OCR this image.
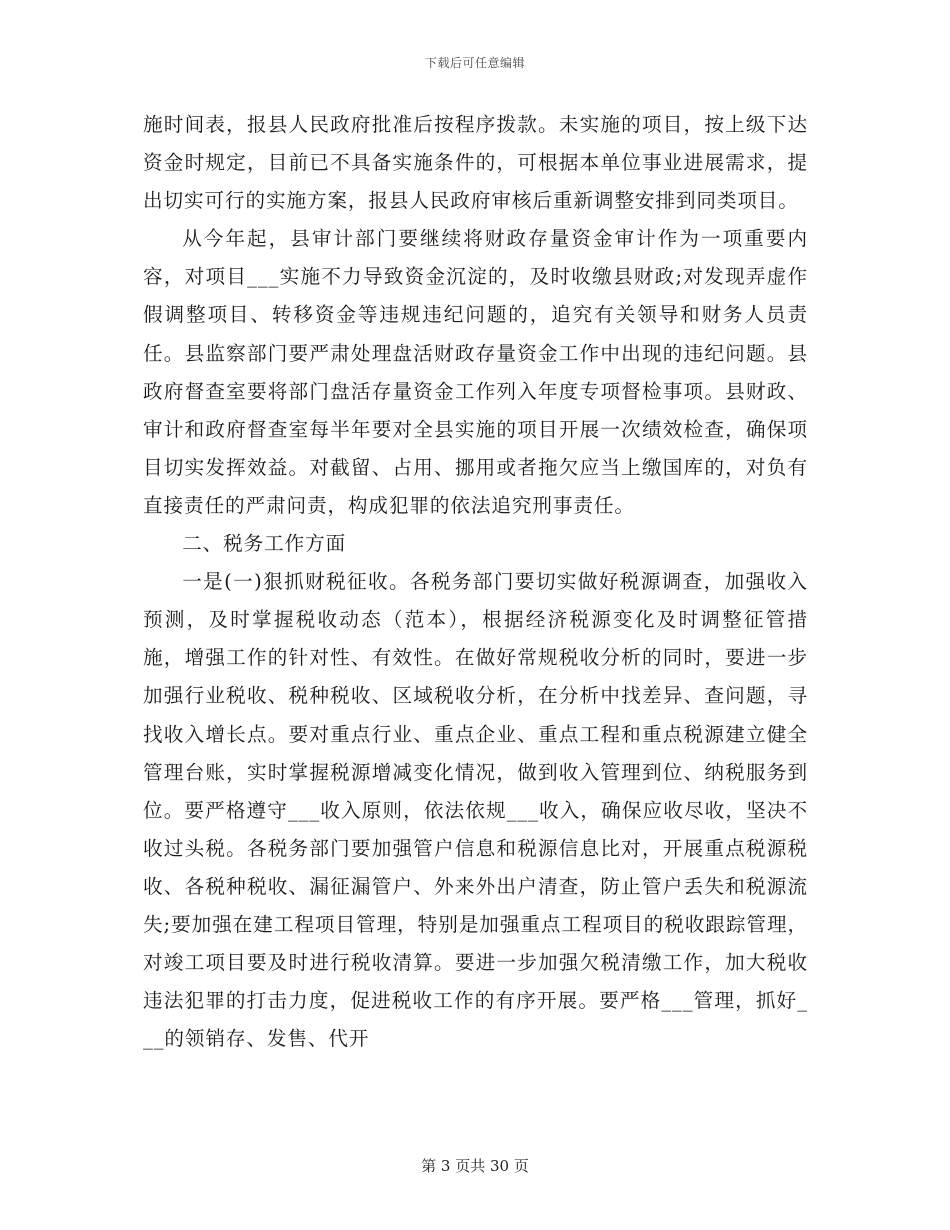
下载后可任意编辑

施时间表，报县人民政府批准后按程序拨款。未实施的项目，按上级下达资金时规定，目前已不具备实施条件的，可根据本单位事业进展需求，提出切实可行的实施方案，报县人民政府审核后重新调整安排到同类项目。

从今年起，县审计部门要继续将财政存量资金审计作为一项重要内容，对项目___实施不力导致资金沉淀的，及时收缴县财政;对发现弄虚作假调整项目、转移资金等违规违纪问题的，追究有关领导和财务人员责任。县监察部门要严肃处理盘活财政存量资金工作中出现的违纪问题。县政府督查室要将部门盘活存量资金工作列入年度专项督检事项。县财政、审计和政府督查室每半年要对全县实施的项目开展一次绩效检查，确保项目切实发挥效益。对截留、占用、挪用或者拖欠应当上缴国库的，对负有直接责任的严肃问责，构成犯罪的依法追究刑事责任。

二、税务工作方面

一是(一)狠抓财税征收。各税务部门要切实做好税源调查，加强收入预测，及时掌握税收动态（范本），根据经济税源变化及时调整征管措施，增强工作的针对性、有效性。在做好常规税收分析的同时，要进一步加强行业税收、税种税收、区域税收分析，在分析中找差异、查问题，寻找收入增长点。要对重点行业、重点企业、重点工程和重点税源建立健全管理台账，实时掌握税源增减变化情况，做到收入管理到位、纳税服务到位。要严格遵守___收入原则，依法依规___收入，确保应收尽收，坚决不收过头税。各税务部门要加强管户信息和税源信息比对，开展重点税源税收、各税种税收、漏征漏管户、外来外出户清查，防止管户丢失和税源流失;要加强在建工程项目管理，特别是加强重点工程项目的税收跟踪管理，对竣工项目要及时进行税收清算。要进一步加强欠税清缴工作，加大税收违法犯罪的打击力度，促进税收工作的有序开展。要严格___管理，抓好___的领销存、发售、代开

第 3 页共 30 页
